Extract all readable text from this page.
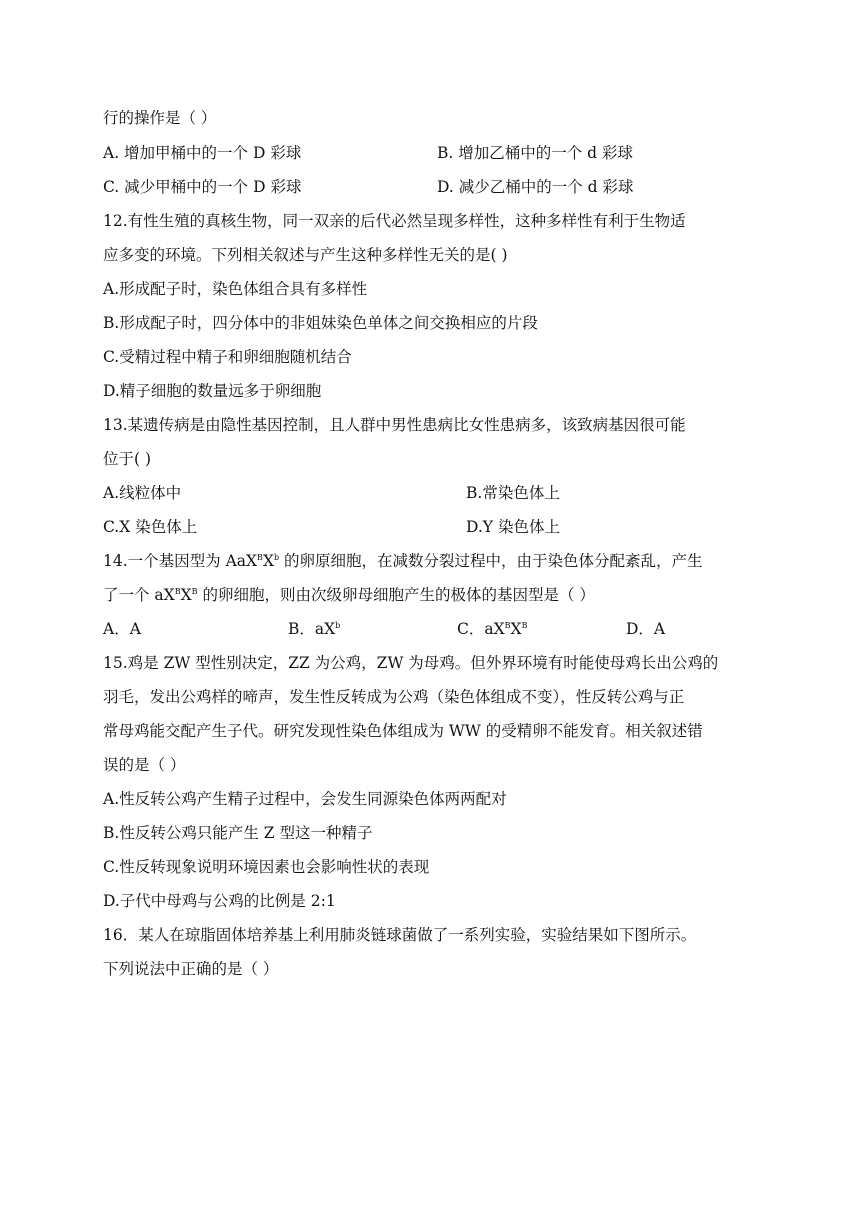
行的操作是（ ）
A. 增加甲桶中的一个 D 彩球	B. 增加乙桶中的一个 d 彩球
C. 减少甲桶中的一个 D 彩球	D. 减少乙桶中的一个 d 彩球
12.有性生殖的真核生物，同一双亲的后代必然呈现多样性，这种多样性有利于生物适
应多变的环境。下列相关叙述与产生这种多样性无关的是( )
A.形成配子时，染色体组合具有多样性
B.形成配子时，四分体中的非姐妹染色单体之间交换相应的片段
C.受精过程中精子和卵细胞随机结合
D.精子细胞的数量远多于卵细胞
13.某遗传病是由隐性基因控制，且人群中男性患病比女性患病多，该致病基因很可能
位于( )
A.线粒体中	B.常染色体上
C.X 染色体上	D.Y 染色体上
14.一个基因型为 $AaX^BX^b$ 的卵原细胞，在减数分裂过程中，由于染色体分配紊乱，产生
了一个 $aX^BX^B$ 的卵细胞，则由次级卵母细胞产生的极体的基因型是（ ）
A．A	B．$aX^b$	C．$aX^BX^B$	D．A
15.鸡是 ZW 型性别决定，ZZ 为公鸡，ZW 为母鸡。但外界环境有时能使母鸡长出公鸡的
羽毛，发出公鸡样的啼声，发生性反转成为公鸡（染色体组成不变），性反转公鸡与正
常母鸡能交配产生子代。研究发现性染色体组成为 WW 的受精卵不能发育。相关叙述错
误的是（ ）
A.性反转公鸡产生精子过程中，会发生同源染色体两两配对
B.性反转公鸡只能产生 Z 型这一种精子
C.性反转现象说明环境因素也会影响性状的表现
D.子代中母鸡与公鸡的比例是 2:1
16．某人在琼脂固体培养基上利用肺炎链球菌做了一系列实验，实验结果如下图所示。
下列说法中正确的是（ ）
